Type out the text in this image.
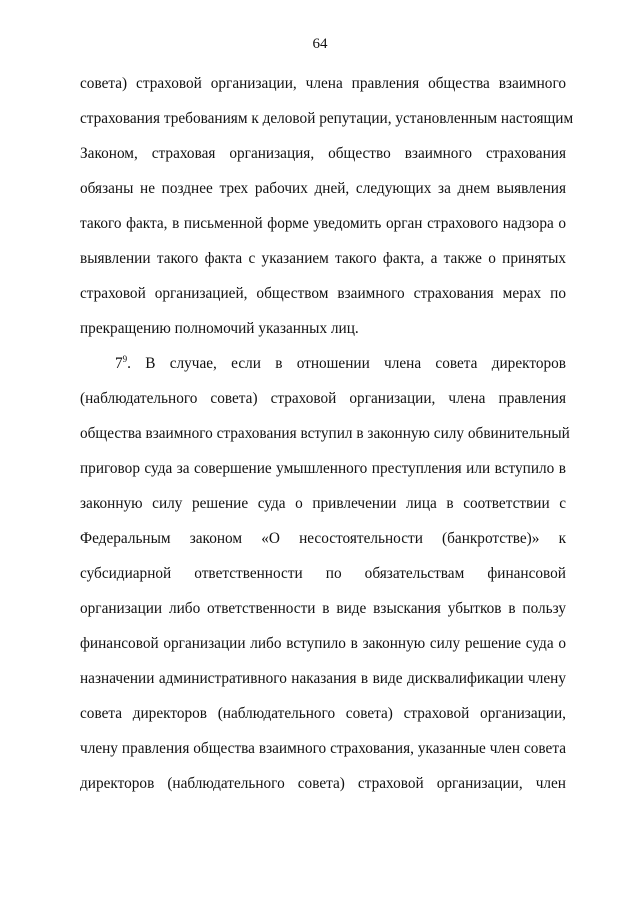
64
совета) страховой организации, члена правления общества взаимного
страхования требованиям к деловой репутации, установленным настоящим
Законом, страховая организация, общество взаимного страхования
обязаны не позднее трех рабочих дней, следующих за днем выявления
такого факта, в письменной форме уведомить орган страхового надзора о
выявлении такого факта с указанием такого факта, а также о принятых
страховой организацией, обществом взаимного страхования мерах по
прекращению полномочий указанных лиц.
$7^9$. В случае, если в отношении члена совета директоров
(наблюдательного совета) страховой организации, члена правления
общества взаимного страхования вступил в законную силу обвинительный
приговор суда за совершение умышленного преступления или вступило в
законную силу решение суда о привлечении лица в соответствии с
Федеральным законом «О несостоятельности (банкротстве)» к
субсидиарной ответственности по обязательствам финансовой
организации либо ответственности в виде взыскания убытков в пользу
финансовой организации либо вступило в законную силу решение суда о
назначении административного наказания в виде дисквалификации члену
совета директоров (наблюдательного совета) страховой организации,
члену правления общества взаимного страхования, указанные член совета
директоров (наблюдательного совета) страховой организации, член
